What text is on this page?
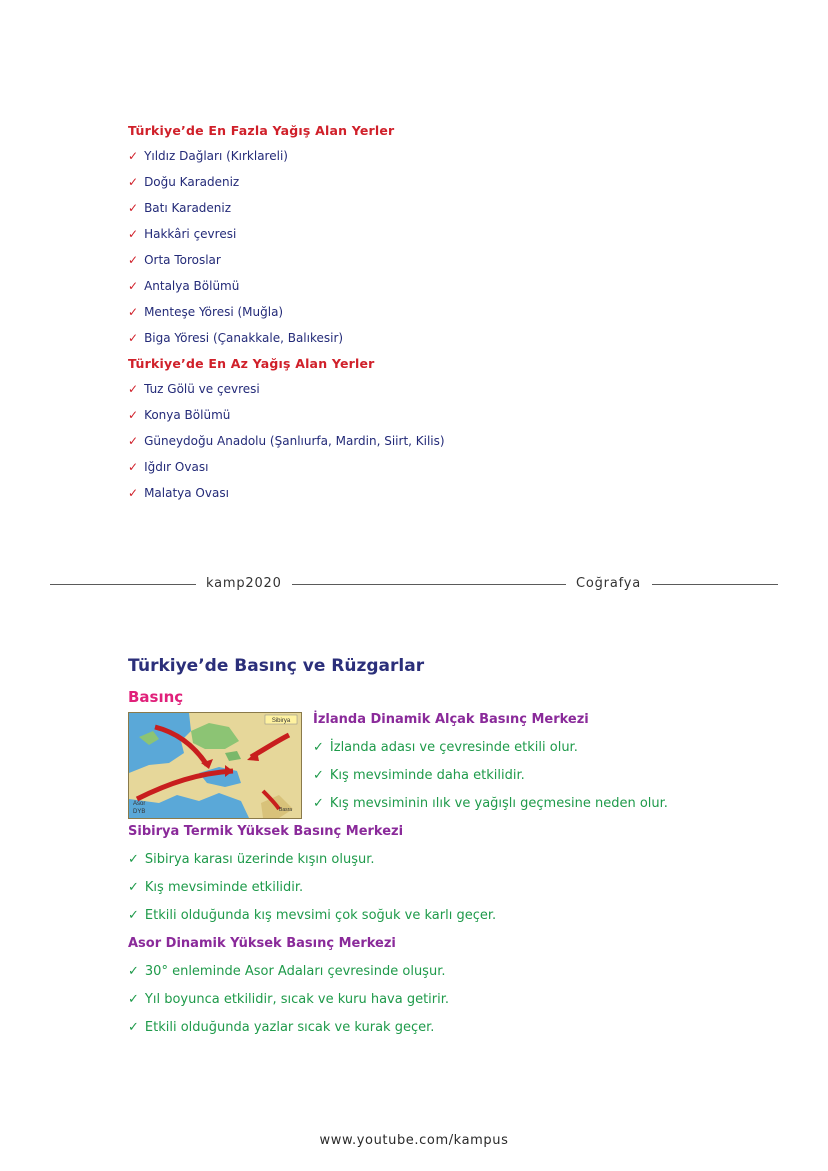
Türkiye’de En Fazla Yağış Alan Yerler
✓ Yıldız Dağları (Kırklareli)
✓ Doğu Karadeniz
✓ Batı Karadeniz
✓ Hakkâri çevresi
✓ Orta Toroslar
✓ Antalya Bölümü
✓ Menteşe Yöresi (Muğla)
✓ Biga Yöresi (Çanakkale, Balıkesir)
Türkiye’de En Az Yağış Alan Yerler
✓ Tuz Gölü ve çevresi
✓ Konya Bölümü
✓ Güneydoğu Anadolu (Şanlıurfa, Mardin, Siirt, Kilis)
✓ Iğdır Ovası
✓ Malatya Ovası
kamp2020	Coğrafya
Türkiye’de Basınç ve Rüzgarlar
Basınç
Sibirya
Asor
DYB	Basra
İzlanda Dinamik Alçak Basınç Merkezi
✓ İzlanda adası ve çevresinde etkili olur.
✓ Kış mevsiminde daha etkilidir.
✓ Kış mevsiminin ılık ve yağışlı geçmesine neden olur.
Sibirya Termik Yüksek Basınç Merkezi
✓ Sibirya karası üzerinde kışın oluşur.
✓ Kış mevsiminde etkilidir.
✓ Etkili olduğunda kış mevsimi çok soğuk ve karlı geçer.
Asor Dinamik Yüksek Basınç Merkezi
✓ 30° enleminde Asor Adaları çevresinde oluşur.
✓ Yıl boyunca etkilidir, sıcak ve kuru hava getirir.
✓ Etkili olduğunda yazlar sıcak ve kurak geçer.
www.youtube.com/kampus
